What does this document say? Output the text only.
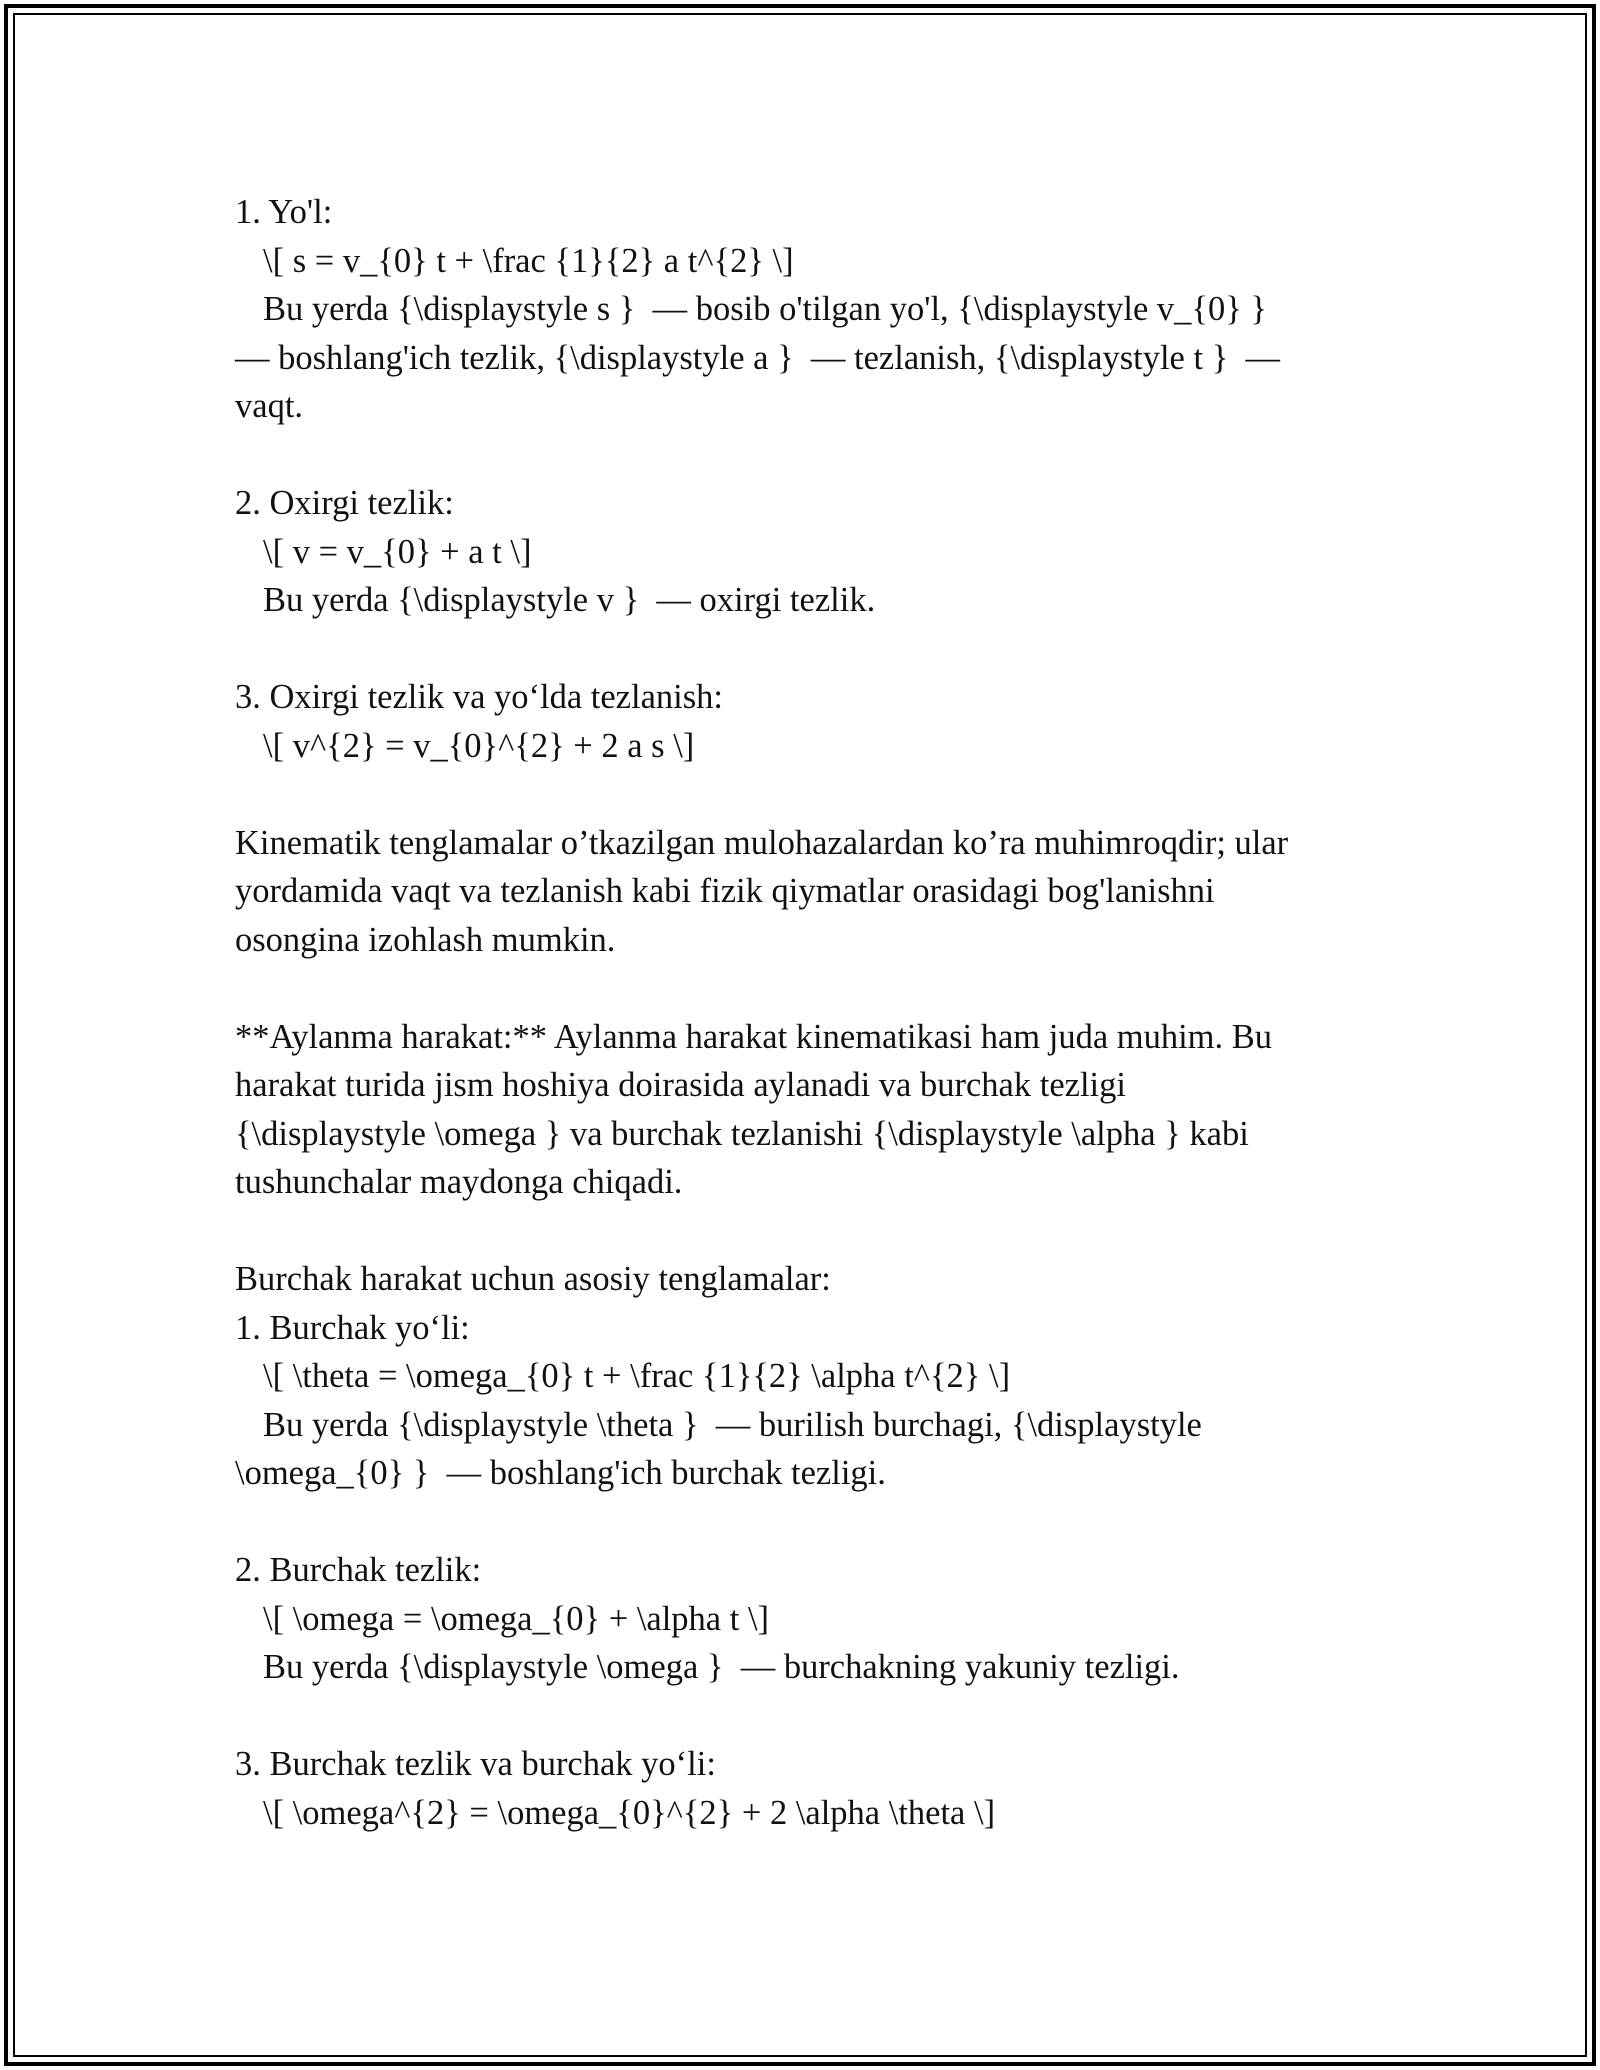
1. Yo'l:
\[ s = v_{0} t + \frac {1}{2} a t^{2} \]
Bu yerda {\displaystyle s }  — bosib o'tilgan yo'l, {\displaystyle v_{0} }
— boshlang'ich tezlik, {\displaystyle a }  — tezlanish, {\displaystyle t }  —
vaqt.
2. Oxirgi tezlik:
\[ v = v_{0} + a t \]
Bu yerda {\displaystyle v }  — oxirgi tezlik.
3. Oxirgi tezlik va yo‘lda tezlanish:
\[ v^{2} = v_{0}^{2} + 2 a s \]
Kinematik tenglamalar o’tkazilgan mulohazalardan ko’ra muhimroqdir; ular
yordamida vaqt va tezlanish kabi fizik qiymatlar orasidagi bog'lanishni
osongina izohlash mumkin.
**Aylanma harakat:** Aylanma harakat kinematikasi ham juda muhim. Bu
harakat turida jism hoshiya doirasida aylanadi va burchak tezligi
{\displaystyle \omega } va burchak tezlanishi {\displaystyle \alpha } kabi
tushunchalar maydonga chiqadi.
Burchak harakat uchun asosiy tenglamalar:
1. Burchak yo‘li:
\[ \theta = \omega_{0} t + \frac {1}{2} \alpha t^{2} \]
Bu yerda {\displaystyle \theta }  — burilish burchagi, {\displaystyle
\omega_{0} }  — boshlang'ich burchak tezligi.
2. Burchak tezlik:
\[ \omega = \omega_{0} + \alpha t \]
Bu yerda {\displaystyle \omega }  — burchakning yakuniy tezligi.
3. Burchak tezlik va burchak yo‘li:
\[ \omega^{2} = \omega_{0}^{2} + 2 \alpha \theta \]
